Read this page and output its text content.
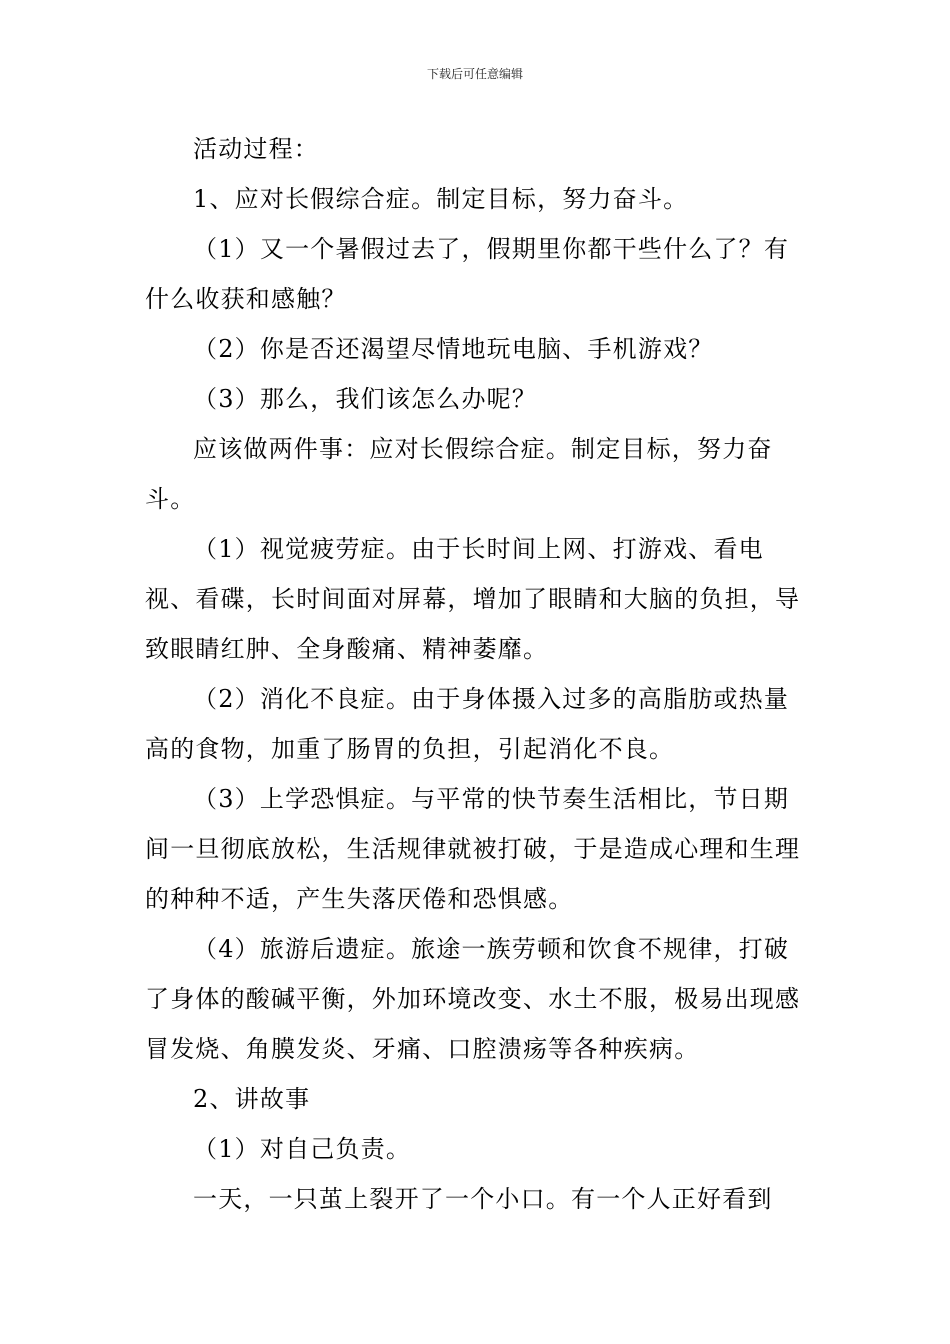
下载后可任意编辑

活动过程：

1、应对长假综合症。制定目标，努力奋斗。

（1）又一个暑假过去了，假期里你都干些什么了？有什么收获和感触？

（2）你是否还渴望尽情地玩电脑、手机游戏？

（3）那么，我们该怎么办呢？

应该做两件事：应对长假综合症。制定目标，努力奋斗。

（1）视觉疲劳症。由于长时间上网、打游戏、看电视、看碟，长时间面对屏幕，增加了眼睛和大脑的负担，导致眼睛红肿、全身酸痛、精神萎靡。

（2）消化不良症。由于身体摄入过多的高脂肪或热量高的食物，加重了肠胃的负担，引起消化不良。

（3）上学恐惧症。与平常的快节奏生活相比，节日期间一旦彻底放松，生活规律就被打破，于是造成心理和生理的种种不适，产生失落厌倦和恐惧感。

（4）旅游后遗症。旅途一族劳顿和饮食不规律，打破了身体的酸碱平衡，外加环境改变、水土不服，极易出现感冒发烧、角膜发炎、牙痛、口腔溃疡等各种疾病。

2、讲故事

（1）对自己负责。

一天，一只茧上裂开了一个小口。有一个人正好看到
